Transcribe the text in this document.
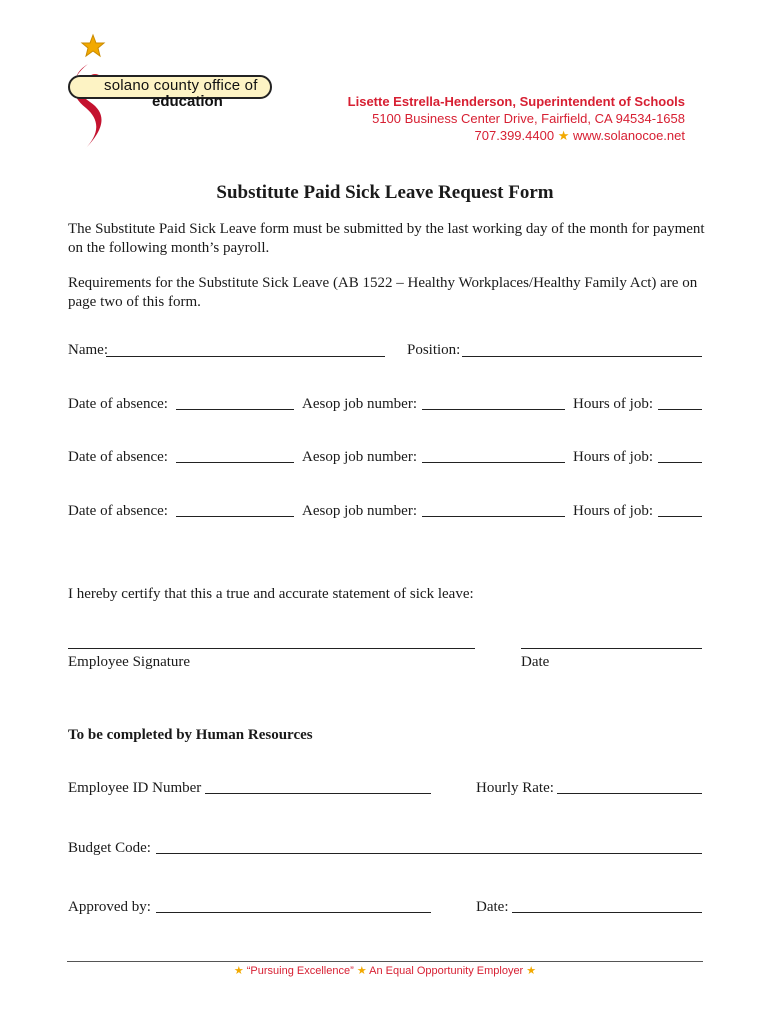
solano county office of
education	Lisette Estrella-Henderson, Superintendent of Schools
5100 Business Center Drive, Fairfield, CA 94534-1658
707.399.4400 ★ www.solanocoe.net
Substitute Paid Sick Leave Request Form
The Substitute Paid Sick Leave form must be submitted by the last working day of the month for payment on the following month’s payroll.
Requirements for the Substitute Sick Leave (AB 1522 – Healthy Workplaces/Healthy Family Act) are on page two of this form.
Name:	Position:
Date of absence:	Aesop job number:	Hours of job:
Date of absence:	Aesop job number:	Hours of job:
Date of absence:	Aesop job number:	Hours of job:
I hereby certify that this a true and accurate statement of sick leave:
Employee Signature	Date
To be completed by Human Resources
Employee ID Number	Hourly Rate:
Budget Code:
Approved by:	Date:
★ “Pursuing Excellence” ★ An Equal Opportunity Employer ★
